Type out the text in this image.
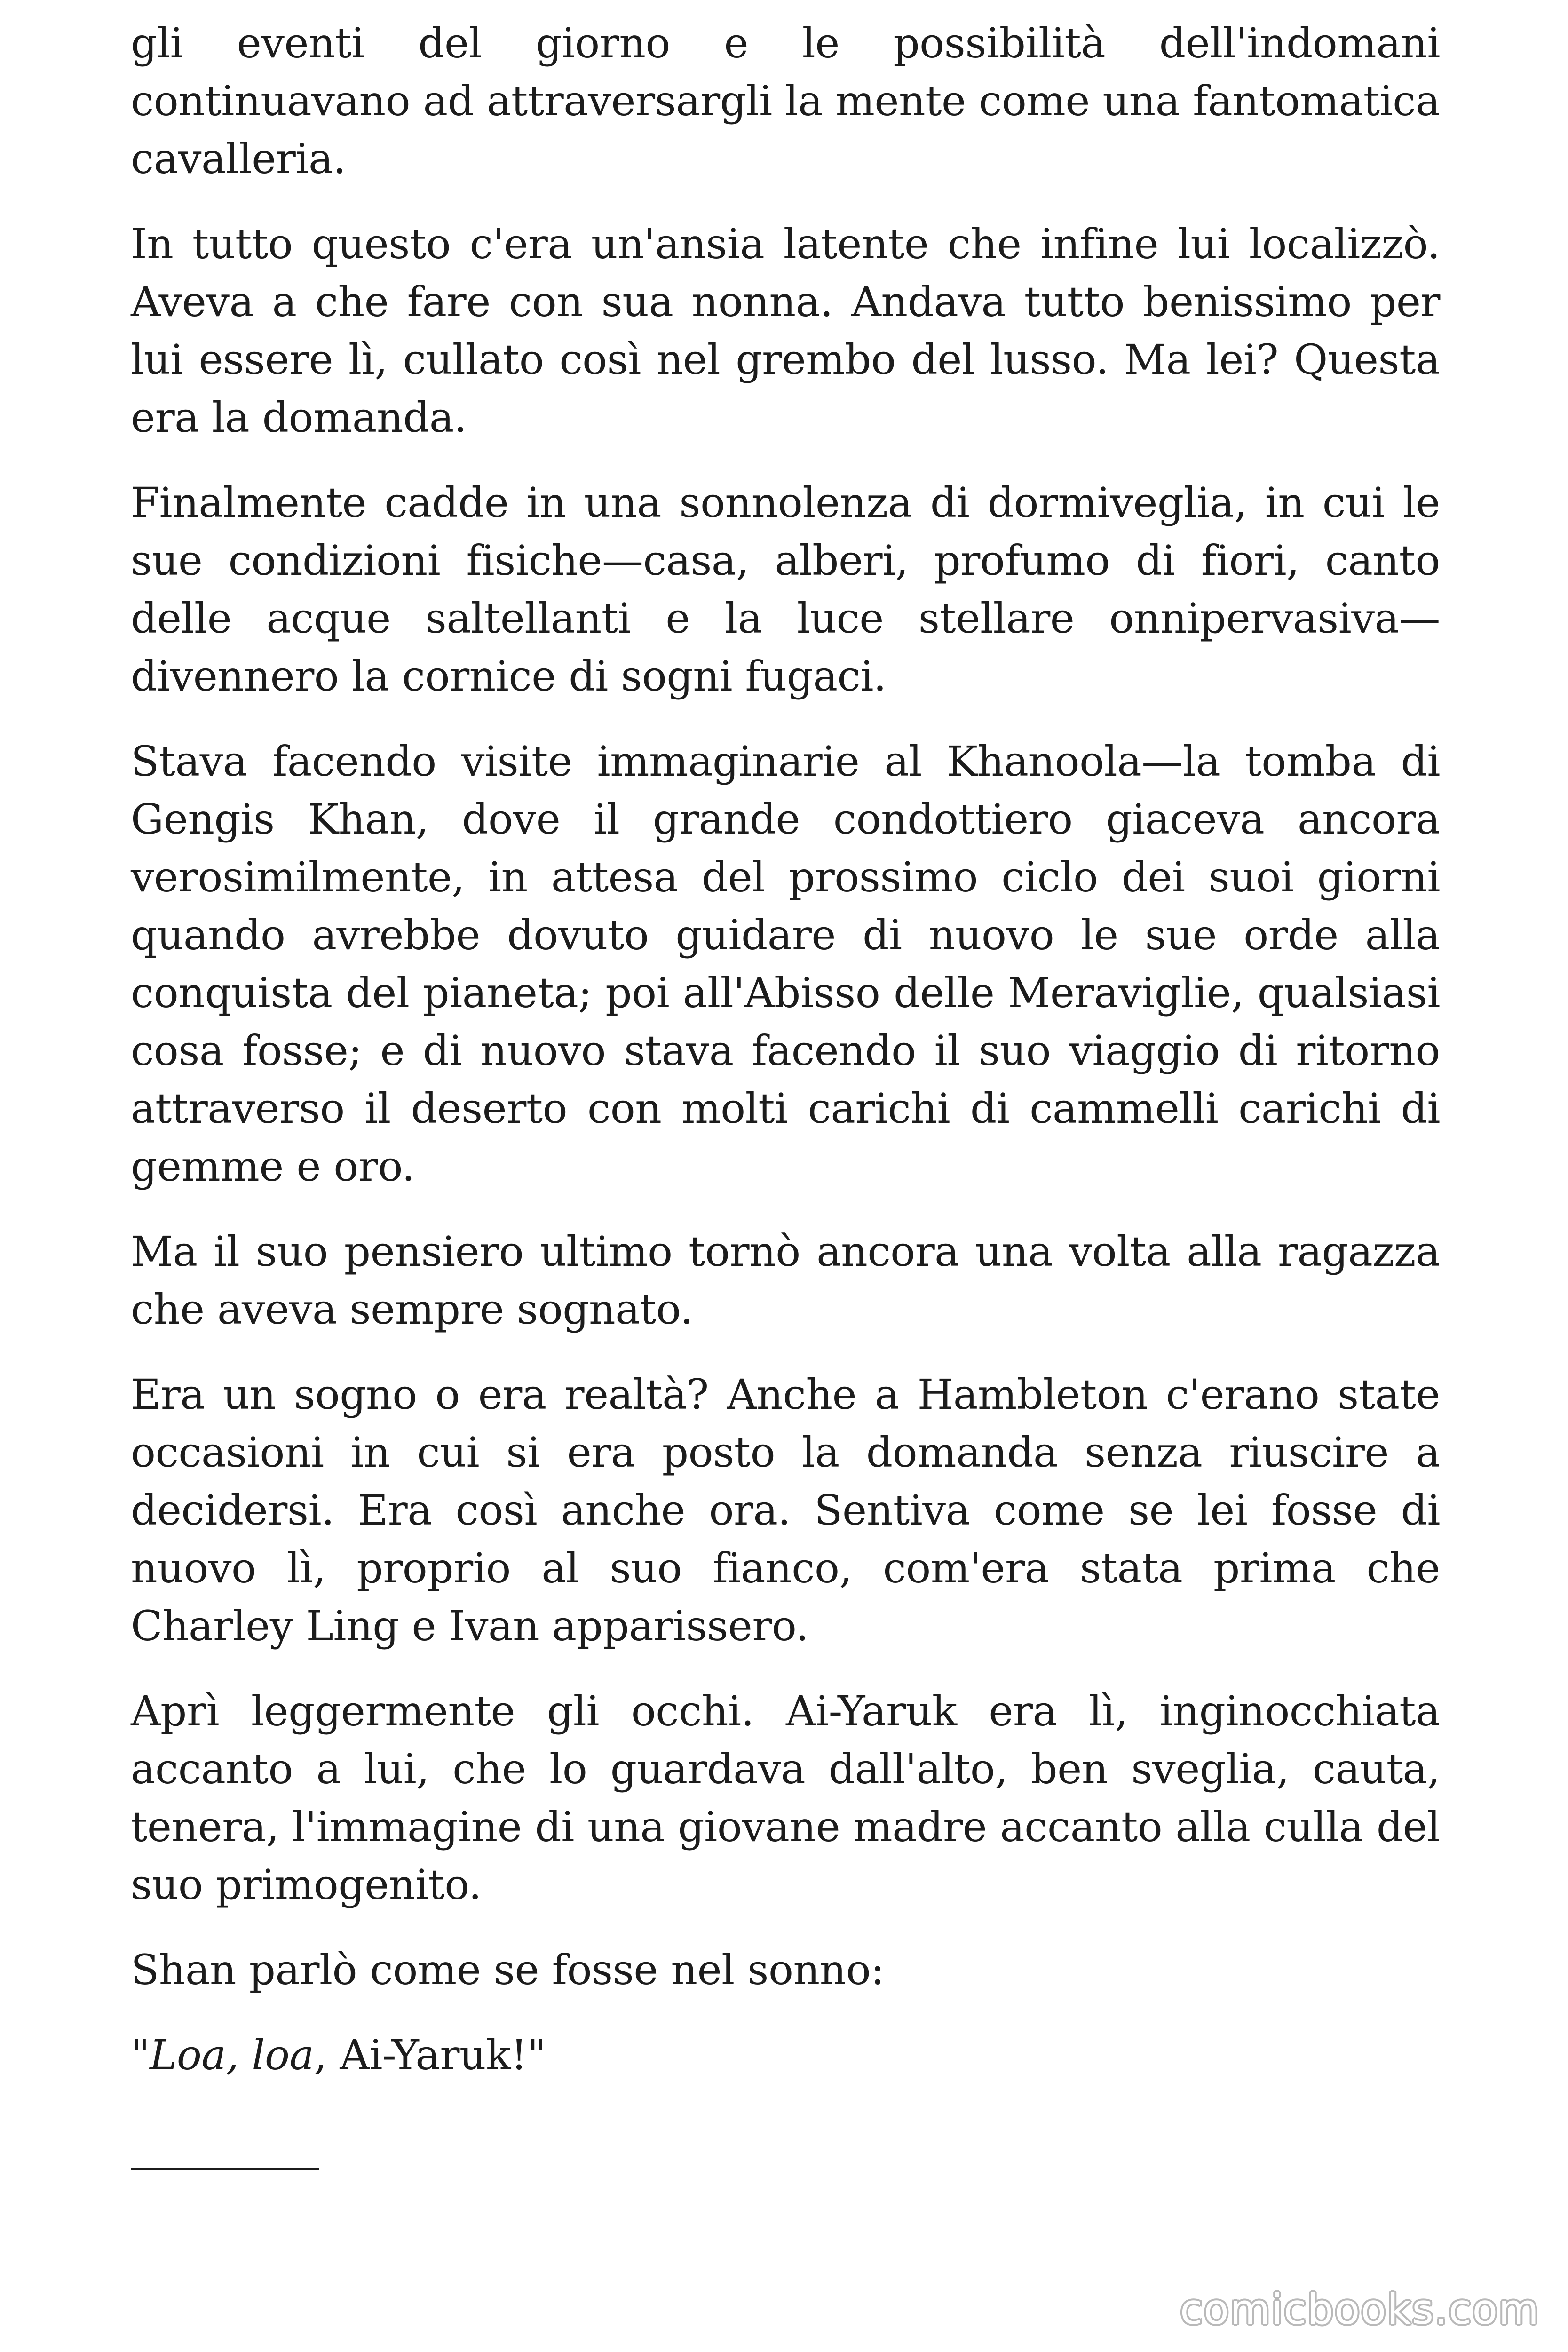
gli eventi del giorno e le possibilità dell'indomani continuavano ad attraversargli la mente come una fantomatica cavalleria.

In tutto questo c'era un'ansia latente che infine lui localizzò. Aveva a che fare con sua nonna. Andava tutto benissimo per lui essere lì, cullato così nel grembo del lusso. Ma lei? Questa era la domanda.

Finalmente cadde in una sonnolenza di dormiveglia, in cui le sue condizioni fisiche—casa, alberi, profumo di fiori, canto delle acque saltellanti e la luce stellare onnipervasiva—divennero la cornice di sogni fugaci.

Stava facendo visite immaginarie al Khanoola—la tomba di Gengis Khan, dove il grande condottiero giaceva ancora verosimilmente, in attesa del prossimo ciclo dei suoi giorni quando avrebbe dovuto guidare di nuovo le sue orde alla conquista del pianeta; poi all'Abisso delle Meraviglie, qualsiasi cosa fosse; e di nuovo stava facendo il suo viaggio di ritorno attraverso il deserto con molti carichi di cammelli carichi di gemme e oro.

Ma il suo pensiero ultimo tornò ancora una volta alla ragazza che aveva sempre sognato.

Era un sogno o era realtà? Anche a Hambleton c'erano state occasioni in cui si era posto la domanda senza riuscire a decidersi. Era così anche ora. Sentiva come se lei fosse di nuovo lì, proprio al suo fianco, com'era stata prima che Charley Ling e Ivan apparissero.

Aprì leggermente gli occhi. Ai-Yaruk era lì, inginocchiata accanto a lui, che lo guardava dall'alto, ben sveglia, cauta, tenera, l'immagine di una giovane madre accanto alla culla del suo primogenito.

Shan parlò come se fosse nel sonno:

"Loa, loa, Ai-Yaruk!"

comicbooks.com
